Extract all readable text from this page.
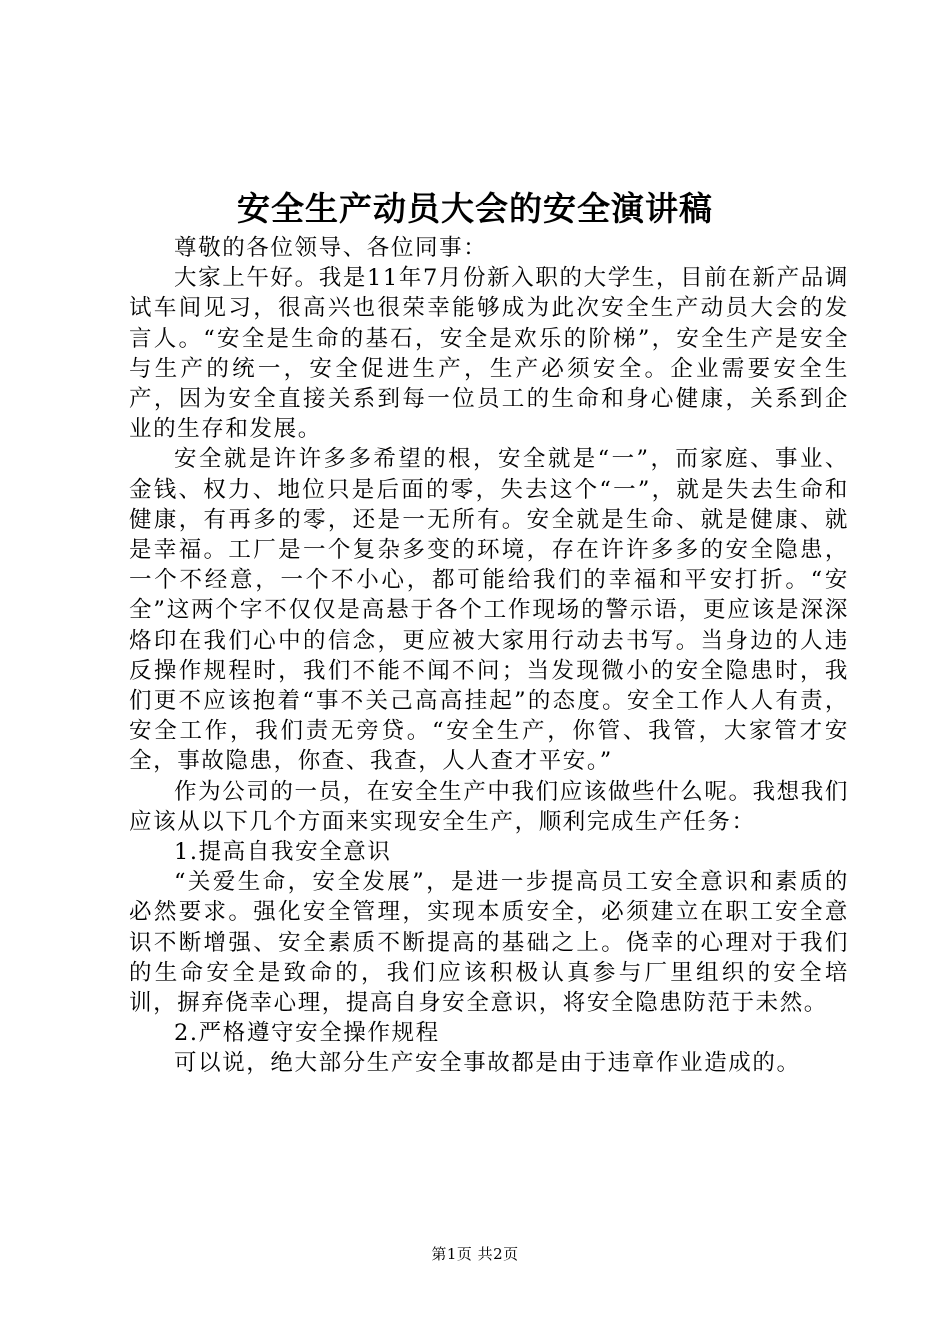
安全生产动员大会的安全演讲稿

尊敬的各位领导、各位同事：

大家上午好。我是11年7月份新入职的大学生，目前在新产品调试车间见习，很高兴也很荣幸能够成为此次安全生产动员大会的发言人。“安全是生命的基石，安全是欢乐的阶梯”，安全生产是安全与生产的统一，安全促进生产，生产必须安全。企业需要安全生产，因为安全直接关系到每一位员工的生命和身心健康，关系到企业的生存和发展。

安全就是许许多多希望的根，安全就是“一”，而家庭、事业、金钱、权力、地位只是后面的零，失去这个“一”，就是失去生命和健康，有再多的零，还是一无所有。安全就是生命、就是健康、就是幸福。工厂是一个复杂多变的环境，存在许许多多的安全隐患，一个不经意，一个不小心，都可能给我们的幸福和平安打折。“安全”这两个字不仅仅是高悬于各个工作现场的警示语，更应该是深深烙印在我们心中的信念，更应被大家用行动去书写。当身边的人违反操作规程时，我们不能不闻不问；当发现微小的安全隐患时，我们更不应该抱着“事不关己高高挂起”的态度。安全工作人人有责，安全工作，我们责无旁贷。“安全生产，你管、我管，大家管才安全，事故隐患，你查、我查，人人查才平安。”

作为公司的一员，在安全生产中我们应该做些什么呢。我想我们应该从以下几个方面来实现安全生产，顺利完成生产任务：

1.提高自我安全意识

“关爱生命，安全发展”，是进一步提高员工安全意识和素质的必然要求。强化安全管理，实现本质安全，必须建立在职工安全意识不断增强、安全素质不断提高的基础之上。侥幸的心理对于我们的生命安全是致命的，我们应该积极认真参与厂里组织的安全培训，摒弃侥幸心理，提高自身安全意识，将安全隐患防范于未然。

2.严格遵守安全操作规程

可以说，绝大部分生产安全事故都是由于违章作业造成的。

第1页 共2页
